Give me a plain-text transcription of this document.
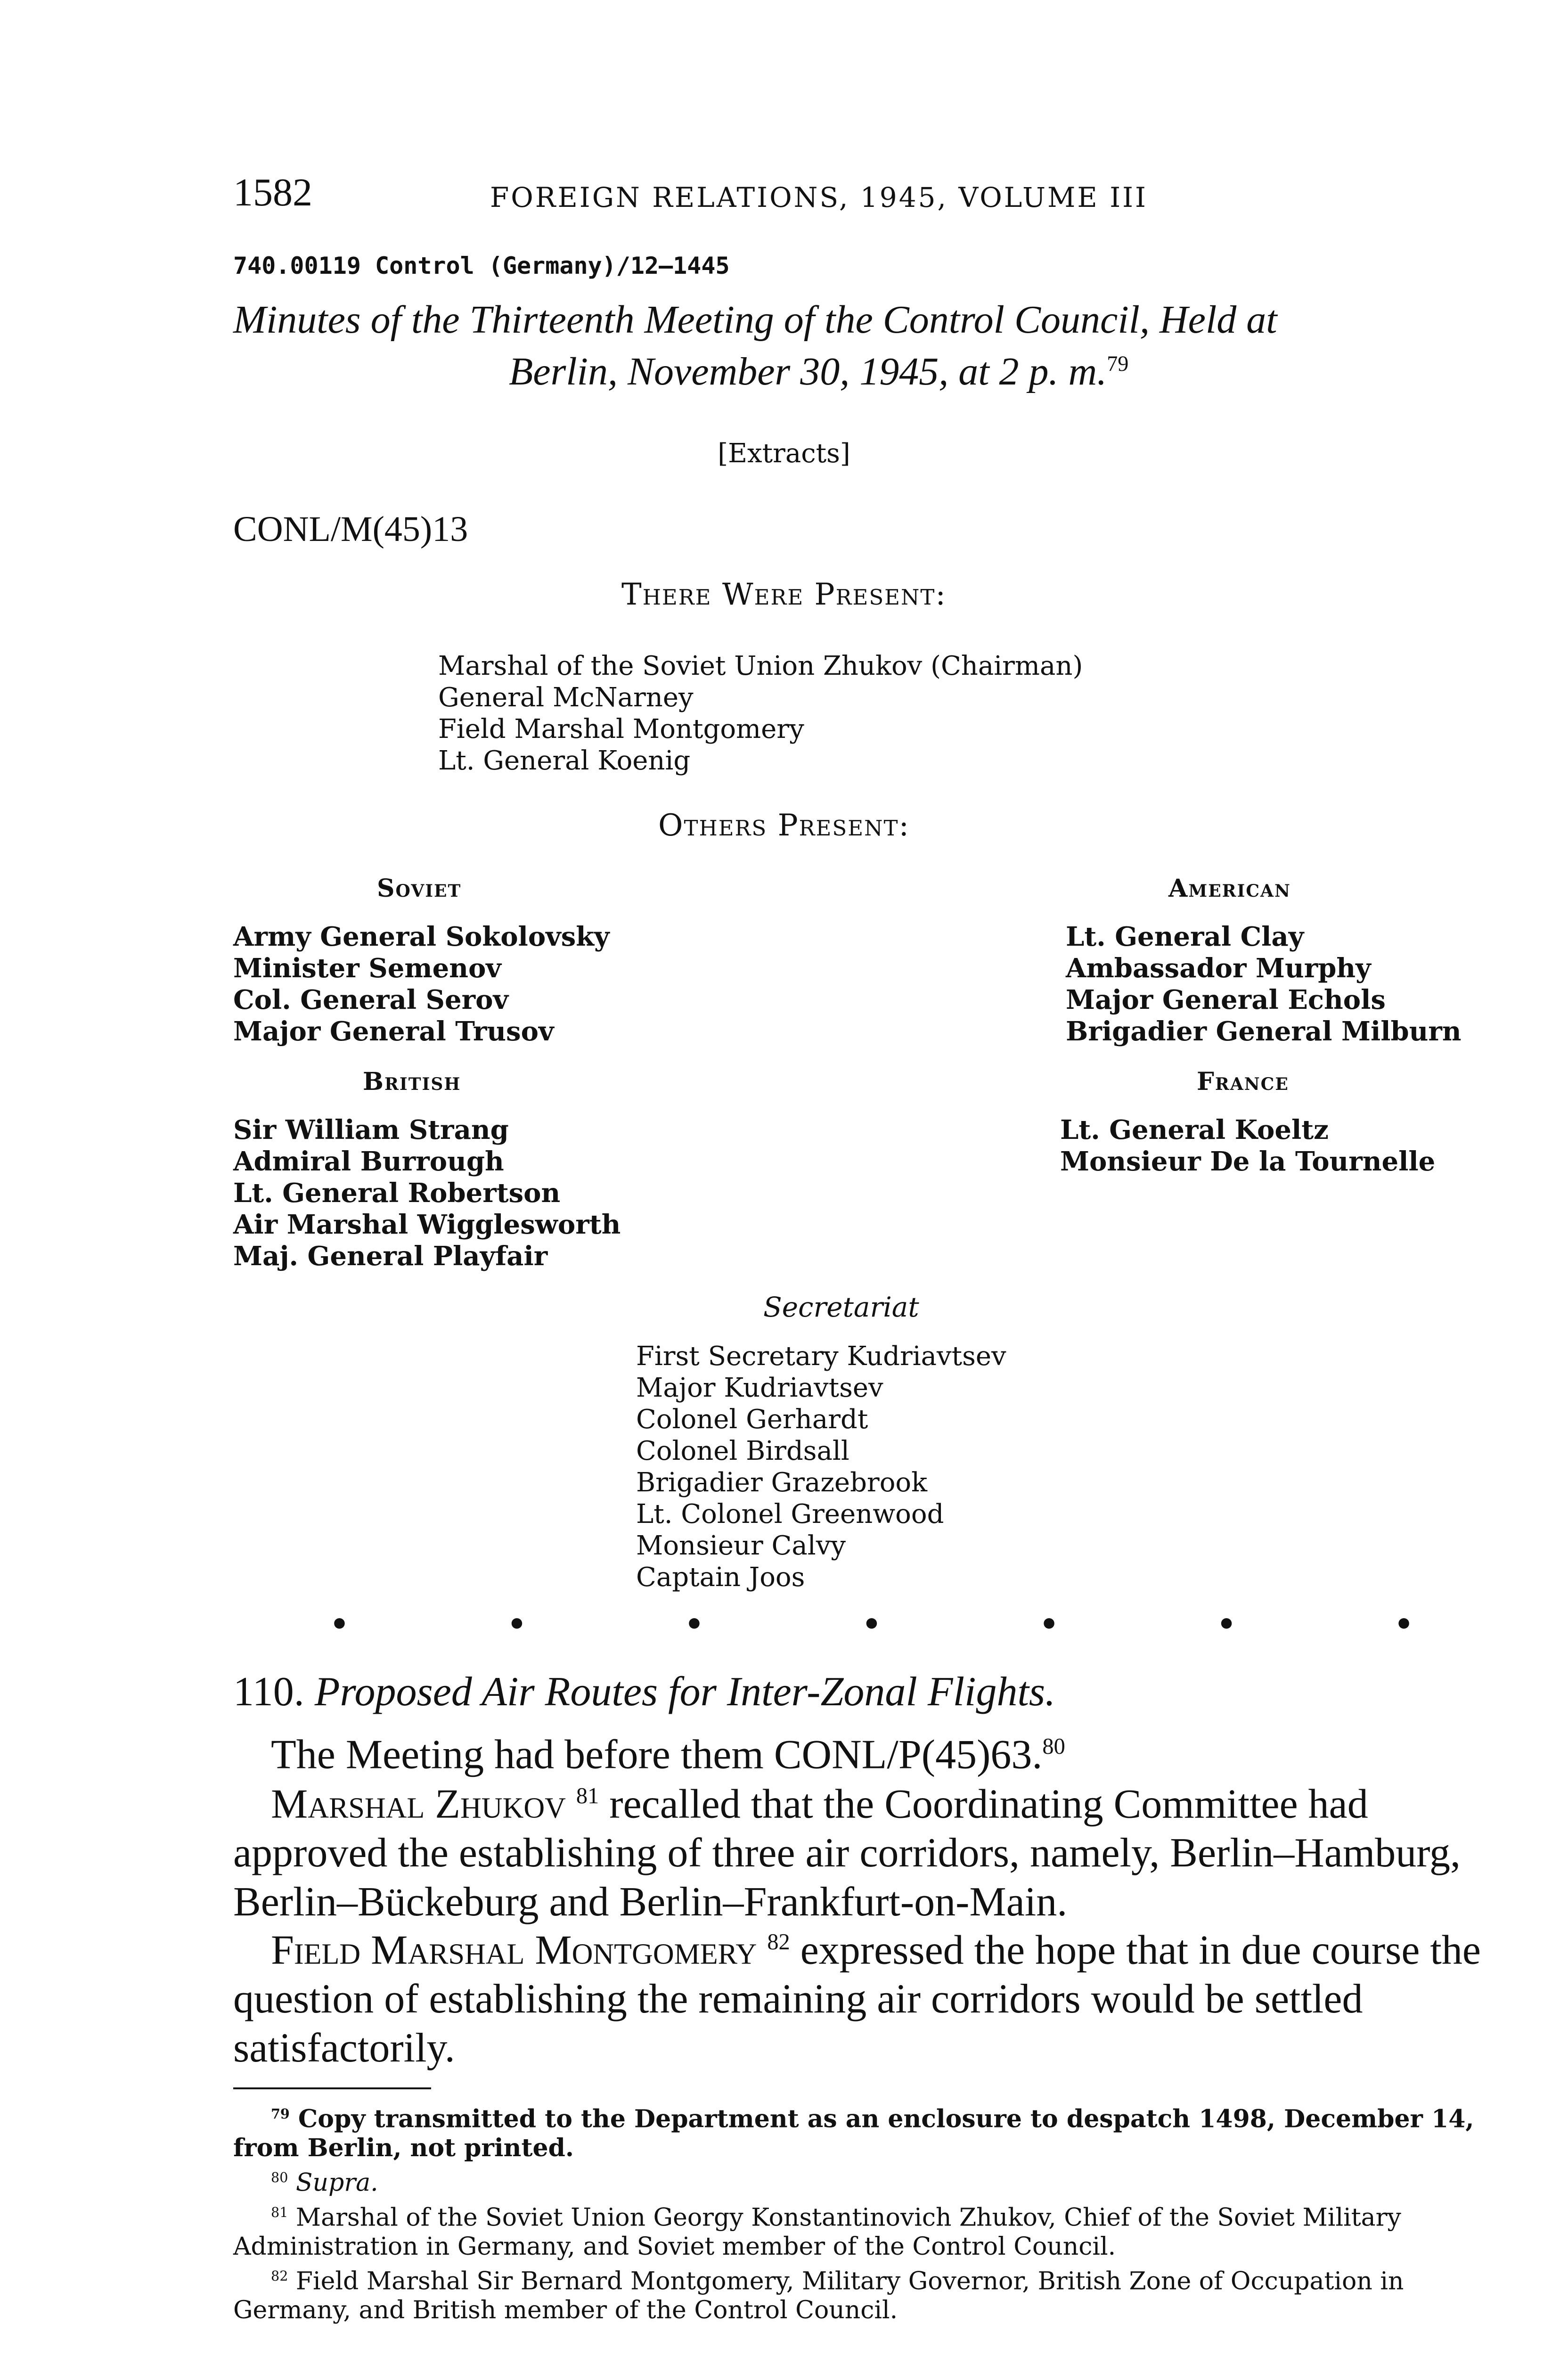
1582	FOREIGN RELATIONS, 1945, VOLUME III
740.00119 Control (Germany)/12–1445
Minutes of the Thirteenth Meeting of the Control Council, Held at
Berlin, November 30, 1945, at 2 p. m.$^{79}$
[Extracts]
CONL/M(45)13
There Were Present:
Marshal of the Soviet Union Zhukov (Chairman)
General McNarney
Field Marshal Montgomery
Lt. General Koenig
Others Present:
Soviet	American
Army General Sokolovsky
Minister Semenov
Col. General Serov
Major General Trusov
Lt. General Clay
Ambassador Murphy
Major General Echols
Brigadier General Milburn
British	France
Sir William Strang
Admiral Burrough
Lt. General Robertson
Air Marshal Wigglesworth
Maj. General Playfair
Lt. General Koeltz
Monsieur De la Tournelle
Secretariat
First Secretary Kudriavtsev
Major Kudriavtsev
Colonel Gerhardt
Colonel Birdsall
Brigadier Grazebrook
Lt. Colonel Greenwood
Monsieur Calvy
Captain Joos
•	•	•	•	•	•	•
110. Proposed Air Routes for Inter-Zonal Flights.
The Meeting had before them CONL/P(45)63.80
Marshal Zhukov $^{81}$ recalled that the Coordinating Committee had approved the establishing of three air corridors, namely, Berlin–Hamburg, Berlin–Bückeburg and Berlin–Frankfurt-on-Main.
Field Marshal Montgomery $^{82}$ expressed the hope that in due course the question of establishing the remaining air corridors would be settled satisfactorily.

$^{79}$ Copy transmitted to the Department as an enclosure to despatch 1498, December 14, from Berlin, not printed.

$^{80}$ Supra.

$^{81}$ Marshal of the Soviet Union Georgy Konstantinovich Zhukov, Chief of the Soviet Military Administration in Germany, and Soviet member of the Control Council.

$^{82}$ Field Marshal Sir Bernard Montgomery, Military Governor, British Zone of Occupation in Germany, and British member of the Control Council.
